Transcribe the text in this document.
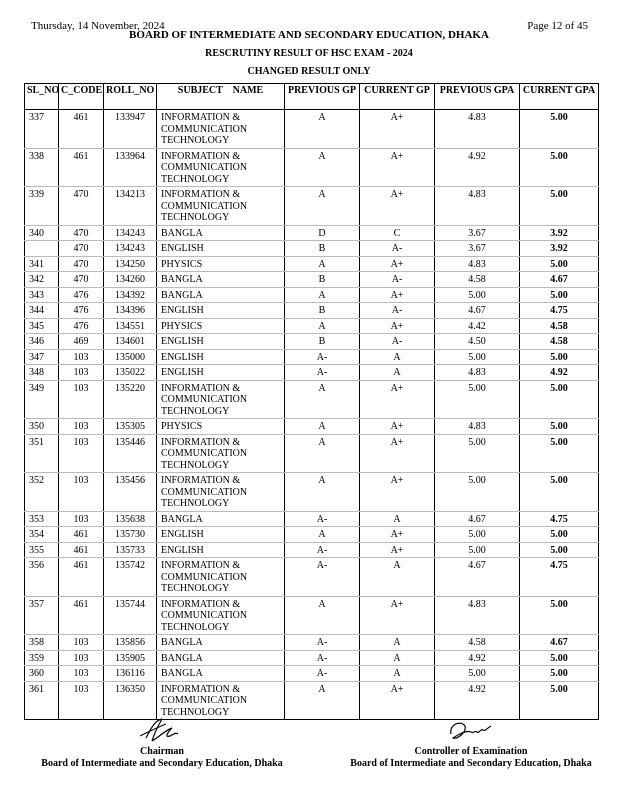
Thursday, 14 November, 2024	Page 12 of 45
BOARD OF INTERMEDIATE AND SECONDARY EDUCATION, DHAKA
RESCRUTINY RESULT OF HSC EXAM - 2024
CHANGED RESULT ONLY
SL_NO	C_CODE	ROLL_NO	SUBJECT    NAME	PREVIOUS GP	CURRENT GP	PREVIOUS GPA	CURRENT GPA
337	461	133947	INFORMATION & COMMUNICATION TECHNOLOGY	A	A+	4.83	5.00
338	461	133964	INFORMATION & COMMUNICATION TECHNOLOGY	A	A+	4.92	5.00
339	470	134213	INFORMATION & COMMUNICATION TECHNOLOGY	A	A+	4.83	5.00
340	470	134243	BANGLA	D	C	3.67	3.92
	470	134243	ENGLISH	B	A-	3.67	3.92
341	470	134250	PHYSICS	A	A+	4.83	5.00
342	470	134260	BANGLA	B	A-	4.58	4.67
343	476	134392	BANGLA	A	A+	5.00	5.00
344	476	134396	ENGLISH	B	A-	4.67	4.75
345	476	134551	PHYSICS	A	A+	4.42	4.58
346	469	134601	ENGLISH	B	A-	4.50	4.58
347	103	135000	ENGLISH	A-	A	5.00	5.00
348	103	135022	ENGLISH	A-	A	4.83	4.92
349	103	135220	INFORMATION & COMMUNICATION TECHNOLOGY	A	A+	5.00	5.00
350	103	135305	PHYSICS	A	A+	4.83	5.00
351	103	135446	INFORMATION & COMMUNICATION TECHNOLOGY	A	A+	5.00	5.00
352	103	135456	INFORMATION & COMMUNICATION TECHNOLOGY	A	A+	5.00	5.00
353	103	135638	BANGLA	A-	A	4.67	4.75
354	461	135730	ENGLISH	A	A+	5.00	5.00
355	461	135733	ENGLISH	A-	A+	5.00	5.00
356	461	135742	INFORMATION & COMMUNICATION TECHNOLOGY	A-	A	4.67	4.75
357	461	135744	INFORMATION & COMMUNICATION TECHNOLOGY	A	A+	4.83	5.00
358	103	135856	BANGLA	A-	A	4.58	4.67
359	103	135905	BANGLA	A-	A	4.92	5.00
360	103	136116	BANGLA	A-	A	5.00	5.00
361	103	136350	INFORMATION & COMMUNICATION TECHNOLOGY	A	A+	4.92	5.00
Chairman
Board of Intermediate and Secondary Education, Dhaka
Controller of Examination
Board of Intermediate and Secondary Education, Dhaka
